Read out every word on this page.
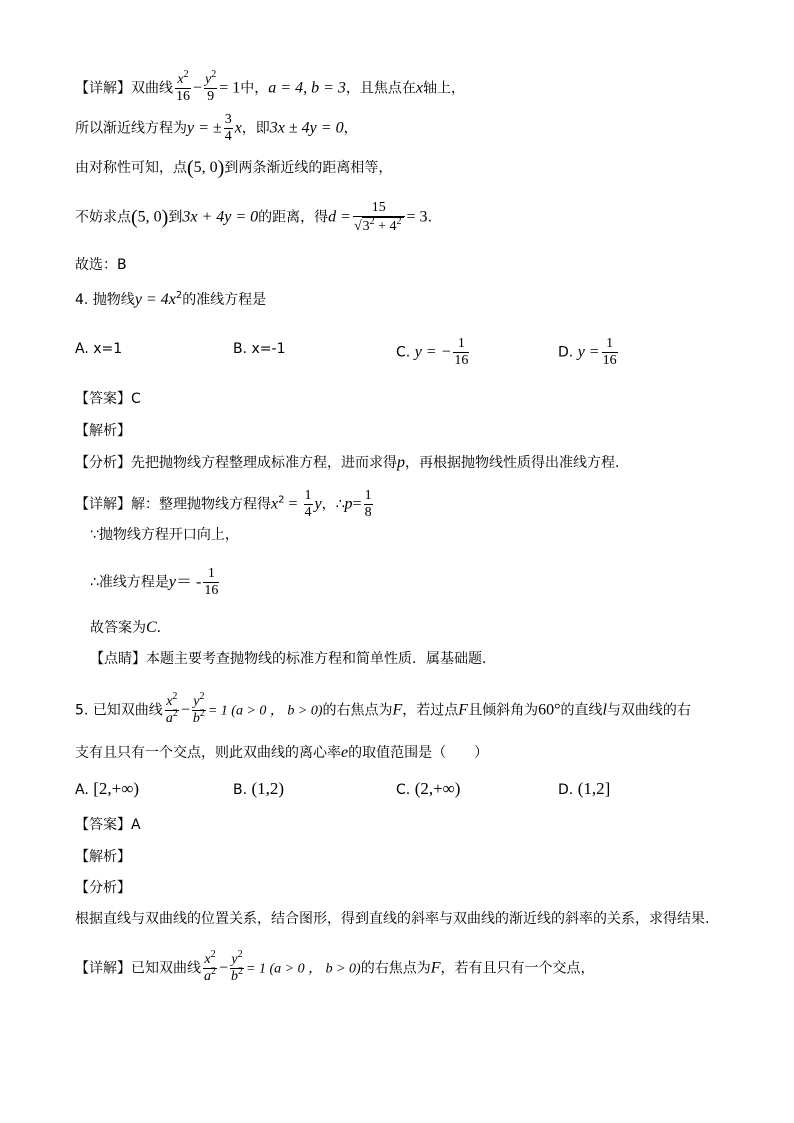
【详解】双曲线 $\frac{x^2}{16} - \frac{y^2}{9} = 1$中，a = 4, b = 3，且焦点在x轴上，
所以渐近线方程为y = ± $\frac{3}{4}$ x，即3x ± 4y = 0，
由对称性可知，点(5, 0)到两条渐近线的距离相等，
不妨求点(5, 0)到3x + 4y = 0的距离，得$d = \frac{15}{√3^2 + 4^2} = 3$.
故选：B
4. 抛物线$y = 4x^2$的准线方程是
A. x=1	B. x=-1	C. y = − $\frac{1}{16}$	D. $y = \frac{1}{16}$
【答案】C
【解析】
【分析】先把抛物线方程整理成标准方程，进而求得p，再根据抛物线性质得出准线方程．
【详解】解：整理抛物线方程得$x^2 = \frac{1}{4}$ y，∴p= $\frac{1}{8}$
∵抛物线方程开口向上，
∴准线方程是$y= - \frac{1}{16}$
故答案为C．
【点睛】本题主要考查抛物线的标准方程和简单性质．属基础题．
5. 已知双曲线 $\frac{x^2}{a^2} - \frac{y^2}{b^2} = 1$ (a > 0 ， b > 0)的右焦点为F，若过点F且倾斜角为60°的直线l与双曲线的右
支有且只有一个交点，则此双曲线的离心率e的取值范围是（　　）
A. [2,+∞)	B. (1,2)	C. (2,+∞)	D. (1,2]
【答案】A
【解析】
【分析】
根据直线与双曲线的位置关系，结合图形，得到直线的斜率与双曲线的渐近线的斜率的关系，求得结果.
【详解】已知双曲线 $\frac{x^2}{a^2} - \frac{y^2}{b^2} = 1$ (a > 0 ， b > 0)的右焦点为F，若有且只有一个交点，
